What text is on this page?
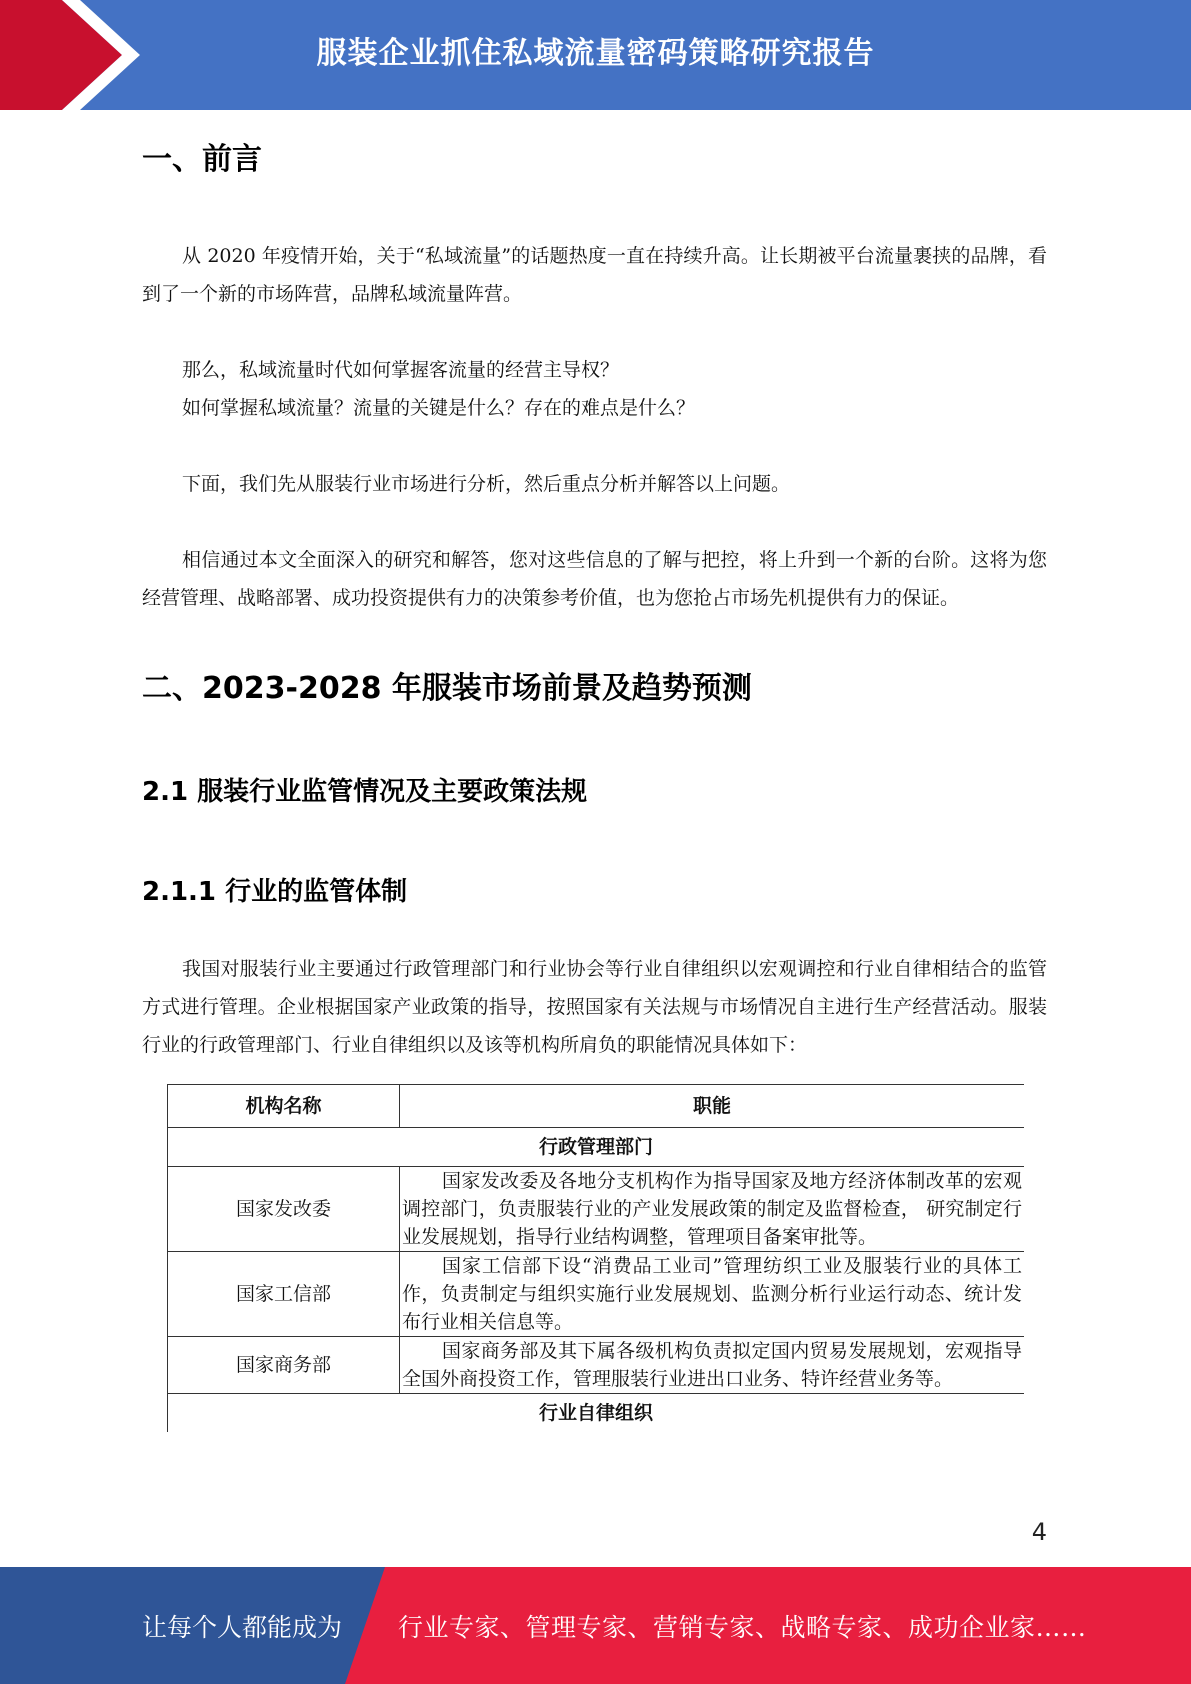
服装企业抓住私域流量密码策略研究报告
一、前言

从 2020 年疫情开始，关于“私域流量”的话题热度一直在持续升高。让长期被平台流量裹挟的品牌，看到了一个新的市场阵营，品牌私域流量阵营。

那么，私域流量时代如何掌握客流量的经营主导权？

如何掌握私域流量？流量的关键是什么？存在的难点是什么？

下面，我们先从服装行业市场进行分析，然后重点分析并解答以上问题。

相信通过本文全面深入的研究和解答，您对这些信息的了解与把控，将上升到一个新的台阶。这将为您经营管理、战略部署、成功投资提供有力的决策参考价值，也为您抢占市场先机提供有力的保证。

二、2023-2028 年服装市场前景及趋势预测
2.1 服装行业监管情况及主要政策法规
2.1.1 行业的监管体制

我国对服装行业主要通过行政管理部门和行业协会等行业自律组织以宏观调控和行业自律相结合的监管方式进行管理。企业根据国家产业政策的指导，按照国家有关法规与市场情况自主进行生产经营活动。服装行业的行政管理部门、行业自律组织以及该等机构所肩负的职能情况具体如下：

机构名称	职能
行政管理部门	
国家发改委	国家发改委及各地分支机构作为指导国家及地方经济体制改革的宏观调控部门，负责服装行业的产业发展政策的制定及监督检查， 研究制定行业发展规划，指导行业结构调整，管理项目备案审批等。
国家工信部	国家工信部下设“消费品工业司”管理纺织工业及服装行业的具体工作，负责制定与组织实施行业发展规划、监测分析行业运行动态、统计发布行业相关信息等。
国家商务部	国家商务部及其下属各级机构负责拟定国内贸易发展规划，宏观指导全国外商投资工作，管理服装行业进出口业务、特许经营业务等。
行业自律组织	
4
让每个人都能成为 行业专家、管理专家、营销专家、战略专家、成功企业家……
